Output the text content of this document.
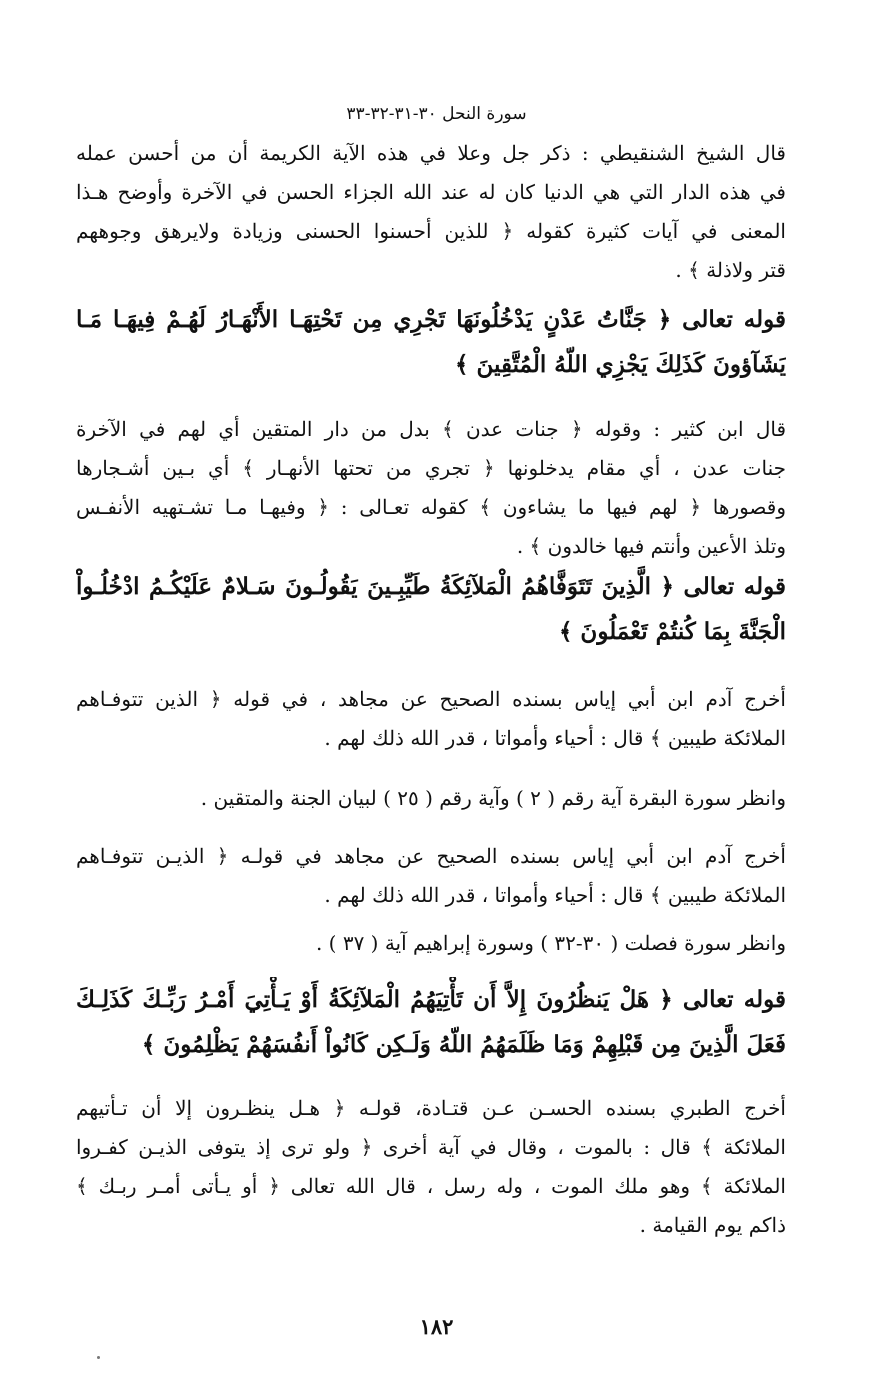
سورة النحل ٣٠-٣١-٣٢-٣٣
قال الشيخ الشنقيطي : ذكر جل وعلا في هذه الآية الكريمة أن من أحسن عمله
في هذه الدار التي هي الدنيا كان له عند الله الجزاء الحسن في الآخرة وأوضح هـذا
المعنى في آيات كثيرة كقوله ﴿ للذين أحسنوا الحسنى وزيادة ولايرهق وجوههم
قتر ولاذلة ﴾ .
قوله تعالى ﴿ جَنَّاتُ عَدْنٍ يَدْخُلُونَهَا تَجْرِي مِن تَحْتِهَـا الأَنْهَـارُ لَهُـمْ فِيهَـا مَـا
يَشَآؤونَ كَذَلِكَ يَجْزِي اللّهُ الْمُتَّقِينَ ﴾
قال ابن كثير : وقوله ﴿ جنات عدن ﴾ بدل من دار المتقين أي لهم في الآخرة
جنات عدن ، أي مقام يدخلونها ﴿ تجري من تحتها الأنهـار ﴾ أي بـين أشـجارها
وقصورها ﴿ لهم فيها ما يشاءون ﴾ كقوله تعـالى : ﴿ وفيهـا مـا تشـتهيه الأنفـس
وتلذ الأعين وأنتم فيها خالدون ﴾ .
قوله تعالى ﴿ الَّذِينَ تَتَوَفَّاهُمُ الْمَلآئِكَةُ طَيِّبِـينَ يَقُولُـونَ سَـلامٌ عَلَيْكُـمُ ادْخُلُـواْ
الْجَنَّةَ بِمَا كُنتُمْ تَعْمَلُونَ ﴾
أخرج آدم ابن أبي إياس بسنده الصحيح عن مجاهد ، في قوله ﴿ الذين تتوفـاهم
الملائكة طيبين ﴾ قال : أحياء وأمواتا ، قدر الله ذلك لهم .
وانظر سورة البقرة آية رقم ( ٢ ) وآية رقم ( ٢٥ ) لبيان الجنة والمتقين .
أخرج آدم ابن أبي إياس بسنده الصحيح عن مجاهد في قولـه ﴿ الذيـن تتوفـاهم
الملائكة طيبين ﴾ قال : أحياء وأمواتا ، قدر الله ذلك لهم .
وانظر سورة فصلت ( ٣٠-٣٢ ) وسورة إبراهيم آية ( ٣٧ ) .
قوله تعالى ﴿ هَلْ يَنظُرُونَ إِلاَّ أَن تَأْتِيَهُمُ الْمَلآئِكَةُ أَوْ يَـأْتِيَ أَمْـرُ رَبِّـكَ كَذَلِـكَ
فَعَلَ الَّذِينَ مِن قَبْلِهِمْ وَمَا ظَلَمَهُمُ اللّهُ وَلَـكِن كَانُواْ أَنفُسَهُمْ يَظْلِمُونَ ﴾
أخرج الطبري بسنده الحسـن عـن قتـادة، قولـه ﴿ هـل ينظـرون إلا أن تـأتيهم
الملائكة ﴾ قال : بالموت ، وقال في آية أخرى ﴿ ولو ترى إذ يتوفى الذيـن كفـروا
الملائكة ﴾ وهو ملك الموت ، وله رسل ، قال الله تعالى ﴿ أو يـأتى أمـر ربـك ﴾
ذاكم يوم القيامة .
١٨٢
